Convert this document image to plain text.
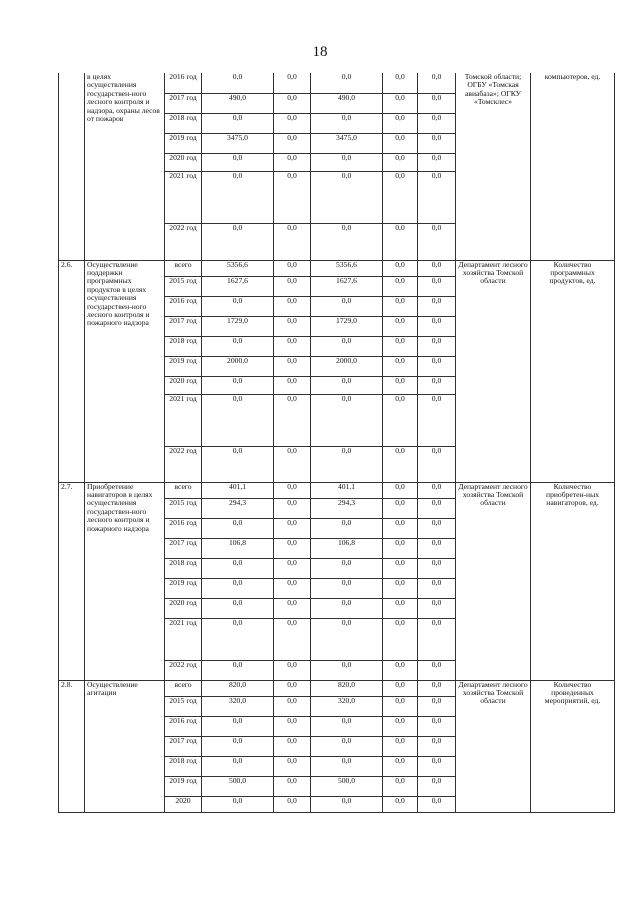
18
	в целях осуществления государствен-ного лесного контроля и надзора, охраны лесов от пожаров	2016 год	0,0	0,0	0,0	0,0	0,0	Томской области; ОГБУ «Томская авиабаза»; ОГКУ «Томсклес»	компьютеров, ед.	

		2017 год	490,0	0,0	490,0	0,0	0,0	

		2018 год	0,0	0,0	0,0	0,0	0,0	

		2019 год	3475,0	0,0	3475,0	0,0	0,0	

		2020 год	0,0	0,0	0,0	0,0	0,0	

		2021 год	0,0	0,0	0,0	0,0	0,0	

		2022 год	0,0	0,0	0,0	0,0	0,0	

2.6.	Осуществление поддержки программных продуктов в целях осуществления государствен-ного лесного контроля и пожарного надзора	всего	5356,6	0,0	5356,6	0,0	0,0	Департамент лесного хозяйства Томской области	Количество программных продуктов, ед.	

		2015 год	1627,6	0,0	1627,6	0,0	0,0	

		2016 год	0,0	0,0	0,0	0,0	0,0	

		2017 год	1729,0	0,0	1729,0	0,0	0,0	

		2018 год	0,0	0,0	0,0	0,0	0,0	

		2019 год	2000,0	0,0	2000,0	0,0	0,0	

		2020 год	0,0	0,0	0,0	0,0	0,0	

		2021 год	0,0	0,0	0,0	0,0	0,0	

		2022 год	0,0	0,0	0,0	0,0	0,0	

2.7.	Приобретение навигаторов в целях осуществления государствен-ного лесного контроля и пожарного надзора	всего	401,1	0,0	401,1	0,0	0,0	Департамент лесного хозяйства Томской области	Количество приобретен-ных навигаторов, ед.	

		2015 год	294,3	0,0	294,3	0,0	0,0	

		2016 год	0,0	0,0	0,0	0,0	0,0	

		2017 год	106,8	0,0	106,8	0,0	0,0	

		2018 год	0,0	0,0	0,0	0,0	0,0	

		2019 год	0,0	0,0	0,0	0,0	0,0	

		2020 год	0,0	0,0	0,0	0,0	0,0	

		2021 год	0,0	0,0	0,0	0,0	0,0	

		2022 год	0,0	0,0	0,0	0,0	0,0			

2.8.	Осуществление агитации	всего	820,0	0,0	820,0	0,0	0,0	Департамент лесного хозяйства Томской области	Количество проведенных мероприятий, ед.	

		2015 год	320,0	0,0	320,0	0,0	0,0	

		2016 год	0,0	0,0	0,0	0,0	0,0	

		2017 год	0,0	0,0	0,0	0,0	0,0	

		2018 год	0,0	0,0	0,0	0,0	0,0	

		2019 год	500,0	0,0	500,0	0,0	0,0	

		2020	0,0	0,0	0,0	0,0	0,0	
